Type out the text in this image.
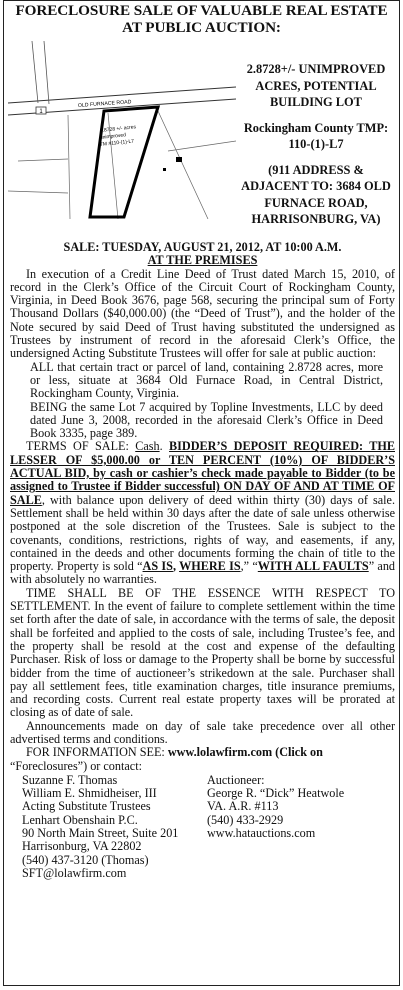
FORECLOSURE SALE OF VALUABLE REAL ESTATE
AT PUBLIC AUCTION:
1
OLD FURNACE ROAD
2.8728 +/- acres
unimproved
TM #110-(1)-L7

2.8728+/- UNIMPROVED ACRES, POTENTIAL BUILDING LOT

Rockingham County TMP: 110-(1)-L7

(911 ADDRESS & ADJACENT TO: 3684 OLD FURNACE ROAD, HARRISONBURG, VA)

SALE: TUESDAY, AUGUST 21, 2012, AT 10:00 A.M.

AT THE PREMISES

In execution of a Credit Line Deed of Trust dated March 15, 2010, of record in the Clerk’s Office of the Circuit Court of Rockingham County, Virginia, in Deed Book 3676, page 568, securing the principal sum of Forty Thousand Dollars ($40,000.00) (the “Deed of Trust”), and the holder of the Note secured by said Deed of Trust having substituted the undersigned as Trustees by instrument of record in the aforesaid Clerk’s Office, the undersigned Acting Substitute Trustees will offer for sale at public auction:

ALL that certain tract or parcel of land, containing 2.8728 acres, more or less, situate at 3684 Old Furnace Road, in Central District, Rockingham County, Virginia.

BEING the same Lot 7 acquired by Topline Investments, LLC by deed dated June 3, 2008, recorded in the aforesaid Clerk’s Office in Deed Book 3335, page 389.

TERMS OF SALE: Cash. BIDDER’S DEPOSIT REQUIRED: THE LESSER OF $5,000.00 or TEN PERCENT (10%) OF BIDDER’S ACTUAL BID, by cash or cashier’s check made payable to Bidder (to be assigned to Trustee if Bidder successful) ON DAY OF AND AT TIME OF SALE, with balance upon delivery of deed within thirty (30) days of sale. Settlement shall be held within 30 days after the date of sale unless otherwise postponed at the sole discretion of the Trustees. Sale is subject to the covenants, conditions, restrictions, rights of way, and easements, if any, contained in the deeds and other documents forming the chain of title to the property. Property is sold “AS IS, WHERE IS,” “WITH ALL FAULTS” and with absolutely no warranties.

TIME SHALL BE OF THE ESSENCE WITH RESPECT TO SETTLEMENT. In the event of failure to complete settlement within the time set forth after the date of sale, in accordance with the terms of sale, the deposit shall be forfeited and applied to the costs of sale, including Trustee’s fee, and the property shall be resold at the cost and expense of the defaulting Purchaser. Risk of loss or damage to the Property shall be borne by successful bidder from the time of auctioneer’s strikedown at the sale. Purchaser shall pay all settlement fees, title examination charges, title insurance premiums, and recording costs. Current real estate property taxes will be prorated at closing as of date of sale.

Announcements made on day of sale take precedence over all other advertised terms and conditions.

FOR INFORMATION SEE: www.lolawfirm.com (Click on

“Foreclosures”) or contact:

Suzanne F. Thomas
William E. Shmidheiser, III
Acting Substitute Trustees
Lenhart Obenshain P.C.
90 North Main Street, Suite 201
Harrisonburg, VA 22802
(540) 437-3120 (Thomas)
SFT@lolawfirm.com
Auctioneer:
George R. “Dick” Heatwole
VA. A.R. #113
(540) 433-2929
www.hatauctions.com
